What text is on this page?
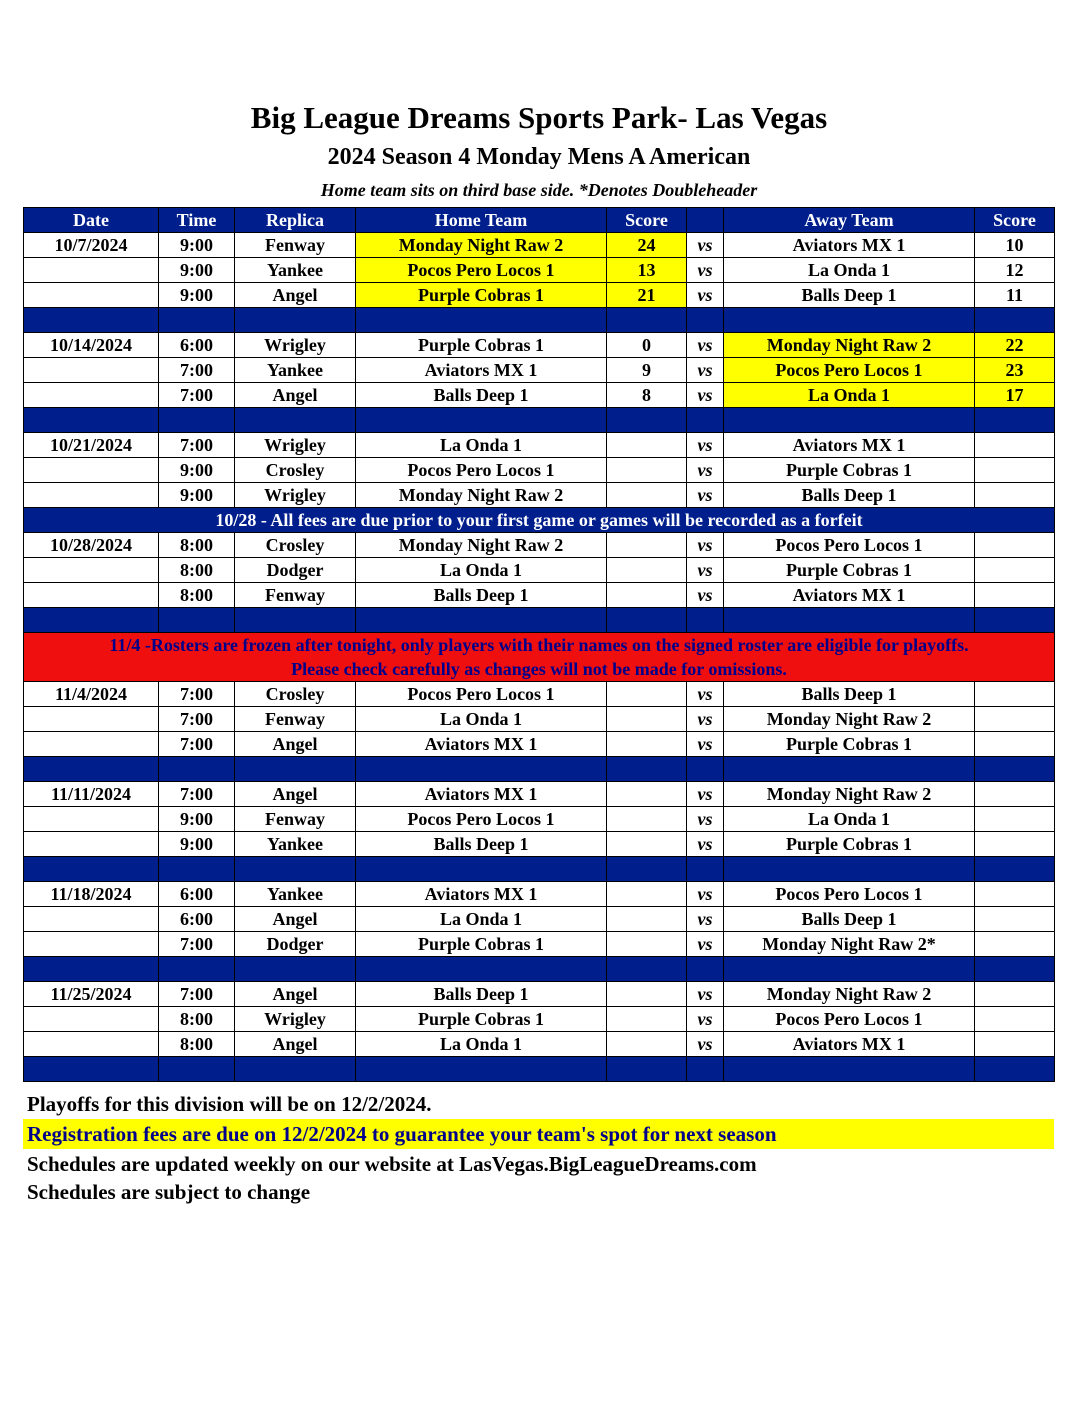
Big League Dreams Sports Park- Las Vegas
2024 Season 4 Monday Mens A American
Home team sits on third base side. *Denotes Doubleheader
Date	Time	Replica	Home Team	Score		Away Team	Score
10/7/2024	9:00	Fenway	Monday Night Raw 2	24	vs	Aviators MX 1	10
	9:00	Yankee	Pocos Pero Locos 1	13	vs	La Onda 1	12
	9:00	Angel	Purple Cobras 1	21	vs	Balls Deep 1	11

10/14/2024	6:00	Wrigley	Purple Cobras 1	0	vs	Monday Night Raw 2	22
	7:00	Yankee	Aviators MX 1	9	vs	Pocos Pero Locos 1	23
	7:00	Angel	Balls Deep 1	8	vs	La Onda 1	17

10/21/2024	7:00	Wrigley	La Onda 1		vs	Aviators MX 1	
	9:00	Crosley	Pocos Pero Locos 1		vs	Purple Cobras 1	
	9:00	Wrigley	Monday Night Raw 2		vs	Balls Deep 1	
10/28 - All fees are due prior to your first game or games will be recorded as a forfeit							
10/28/2024	8:00	Crosley	Monday Night Raw 2		vs	Pocos Pero Locos 1	
	8:00	Dodger	La Onda 1		vs	Purple Cobras 1	
	8:00	Fenway	Balls Deep 1		vs	Aviators MX 1	

11/4 -Rosters are frozen after tonight, only players with their names on the signed roster are eligible for playoffs.
Please check carefully as changes will not be made for omissions.							

11/4/2024	7:00	Crosley	Pocos Pero Locos 1		vs	Balls Deep 1	
	7:00	Fenway	La Onda 1		vs	Monday Night Raw 2	
	7:00	Angel	Aviators MX 1		vs	Purple Cobras 1	

11/11/2024	7:00	Angel	Aviators MX 1		vs	Monday Night Raw 2	
	9:00	Fenway	Pocos Pero Locos 1		vs	La Onda 1	
	9:00	Yankee	Balls Deep 1		vs	Purple Cobras 1	

11/18/2024	6:00	Yankee	Aviators MX 1		vs	Pocos Pero Locos 1	
	6:00	Angel	La Onda 1		vs	Balls Deep 1	
	7:00	Dodger	Purple Cobras 1		vs	Monday Night Raw 2*	

11/25/2024	7:00	Angel	Balls Deep 1		vs	Monday Night Raw 2	
	8:00	Wrigley	Purple Cobras 1		vs	Pocos Pero Locos 1	
	8:00	Angel	La Onda 1		vs	Aviators MX 1	

Playoffs for this division will be on 12/2/2024.
Registration fees are due on 12/2/2024 to guarantee your team's spot for next season
Schedules are updated weekly on our website at LasVegas.BigLeagueDreams.com
Schedules are subject to change
